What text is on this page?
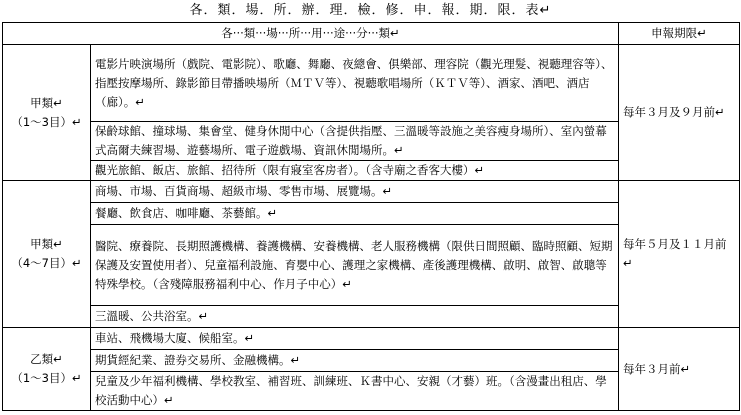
各．類．場．所．辦．理．檢．修．申．報．期．限．表↵
各‧‧‧類‧‧‧場‧‧‧所‧‧‧用‧‧‧途‧‧‧分‧‧‧類↵		申報期限↵

甲類↵
（1～3目）↵	電影片映演場所（戲院、電影院）、歌廳、舞廳、夜總會、俱樂部、理容院（觀光理髮、視聽理容等）、指壓按摩場所、錄影節目帶播映場所（ＭＴＶ等）、視聽歌唱場所（ＫＴＶ等）、酒家、酒吧、酒店（廊）。↵	每年３月及９月前↵
	保齡球館、撞球場、集會堂、健身休閒中心（含提供指壓、三溫暖等設施之美容瘦身場所）、室內螢幕式高爾夫練習場、遊藝場所、電子遊戲場、資訊休閒場所。↵	
	觀光旅館、飯店、旅館、招待所（限有寢室客房者）。（含寺廟之香客大樓）↵	

甲類↵
（4～7目）↵	商場、市場、百貨商場、超級市場、零售市場、展覽場。↵	每年５月及１１月前↵
	餐廳、飲食店、咖啡廳、茶藝館。↵	
	醫院、療養院、長期照護機構、養護機構、安養機構、老人服務機構（限供日間照顧、臨時照顧、短期保護及安置使用者）、兒童福利設施、育嬰中心、護理之家機構、產後護理機構、啟明、啟智、啟聰等特殊學校。（含殘障服務福利中心、作月子中心）↵	
	三溫暖、公共浴室。↵	

乙類↵
（1～3目）↵	車站、飛機場大廈、候船室。↵	每年３月前↵
	期貨經紀業、證券交易所、金融機構。↵	
	兒童及少年福利機構、學校教室、補習班、訓練班、Ｋ書中心、安親（才藝）班。（含漫畫出租店、學校活動中心）↵	
